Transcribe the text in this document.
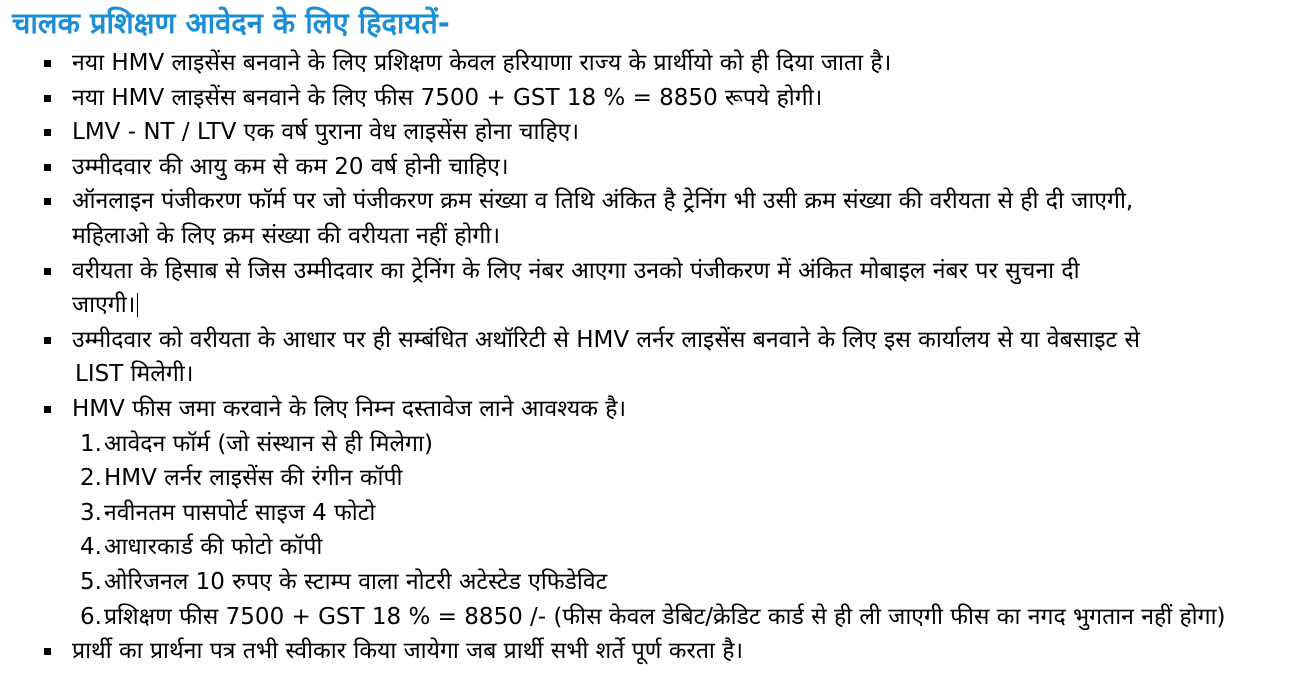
चालक प्रशिक्षण आवेदन के लिए हिदायतें-
नया HMV लाइसेंस बनवाने के लिए प्रशिक्षण केवल हरियाणा राज्य के प्रार्थीयो को ही दिया जाता है।
नया HMV लाइसेंस बनवाने के लिए फीस 7500 + GST 18 % = 8850 रूपये होगी।
LMV - NT / LTV एक वर्ष पुराना वेध लाइसेंस होना चाहिए।
उम्मीदवार की आयु कम से कम 20 वर्ष होनी चाहिए।
ऑनलाइन पंजीकरण फॉर्म पर जो पंजीकरण क्रम संख्या व तिथि अंकित है ट्रेनिंग भी उसी क्रम संख्या की वरीयता से ही दी जाएगी,
महिलाओ के लिए क्रम संख्या की वरीयता नहीं होगी।
वरीयता के हिसाब से जिस उम्मीदवार का ट्रेनिंग के लिए नंबर आएगा उनको पंजीकरण में अंकित मोबाइल नंबर पर सुचना दी
जाएगी।
उम्मीदवार को वरीयता के आधार पर ही सम्बंधित अथॉरिटी से HMV लर्नर लाइसेंस बनवाने के लिए इस कार्यालय से या वेबसाइट से
LIST मिलेगी।
HMV फीस जमा करवाने के लिए निम्न दस्तावेज लाने आवश्यक है।
1. आवेदन फॉर्म (जो संस्थान से ही मिलेगा)
2. HMV लर्नर लाइसेंस की रंगीन कॉपी
3. नवीनतम पासपोर्ट साइज 4 फोटो
4. आधारकार्ड की फोटो कॉपी
5. ओरिजनल 10 रुपए के स्टाम्प वाला नोटरी अटेस्टेड एफिडेविट
6. प्रशिक्षण फीस 7500 + GST 18 % = 8850 /- (फीस केवल डेबिट/क्रेडिट कार्ड से ही ली जाएगी फीस का नगद भुगतान नहीं होगा)
प्रार्थी का प्रार्थना पत्र तभी स्वीकार किया जायेगा जब प्रार्थी सभी शर्ते पूर्ण करता है।
